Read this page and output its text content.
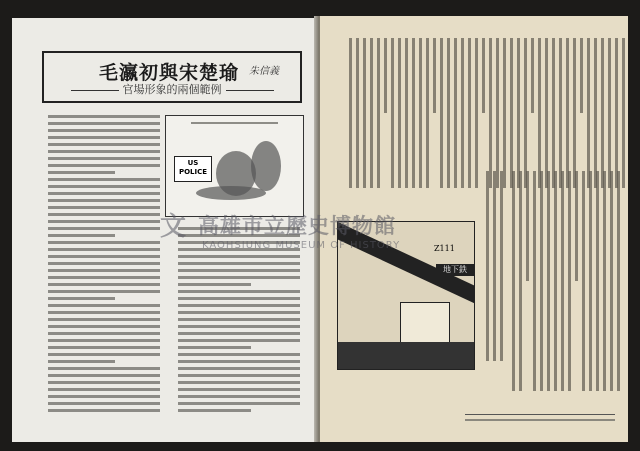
毛瀛初與宋楚瑜 朱信義
官場形象的兩個範例
US POLICE
地下鉄
Z111
文 高雄市立歷史博物館
KAOHSIUNG MUSEUM OF HISTORY
